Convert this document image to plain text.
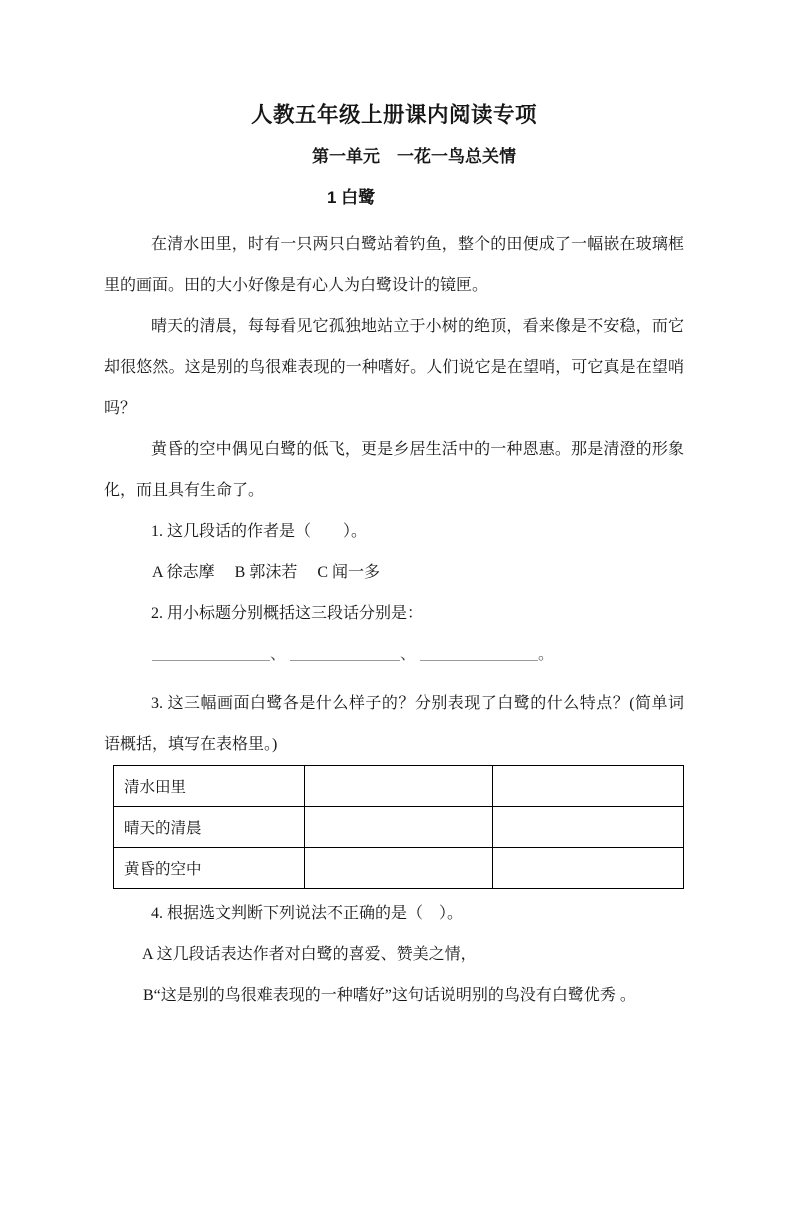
人教五年级上册课内阅读专项
第一单元　一花一鸟总关情
1 白鹭

在清水田里，时有一只两只白鹭站着钓鱼，整个的田便成了一幅嵌在玻璃框里的画面。田的大小好像是有心人为白鹭设计的镜匣。

晴天的清晨，每每看见它孤独地站立于小树的绝顶，看来像是不安稳，而它却很悠然。这是别的鸟很难表现的一种嗜好。人们说它是在望哨，可它真是在望哨吗？

黄昏的空中偶见白鹭的低飞，更是乡居生活中的一种恩惠。那是清澄的形象化，而且具有生命了。

1. 这几段话的作者是（　　）。
A 徐志摩　 B 郭沫若　 C 闻一多
2. 用小标题分别概括这三段话分别是：
、	、	。

3. 这三幅画面白鹭各是什么样子的？分别表现了白鹭的什么特点？(简单词语概括，填写在表格里。)

清水田里		
晴天的清晨		
黄昏的空中		
4. 根据选文判断下列说法不正确的是（　）。
A 这几段话表达作者对白鹭的喜爱、赞美之情，
B“这是别的鸟很难表现的一种嗜好”这句话说明别的鸟没有白鹭优秀 。
